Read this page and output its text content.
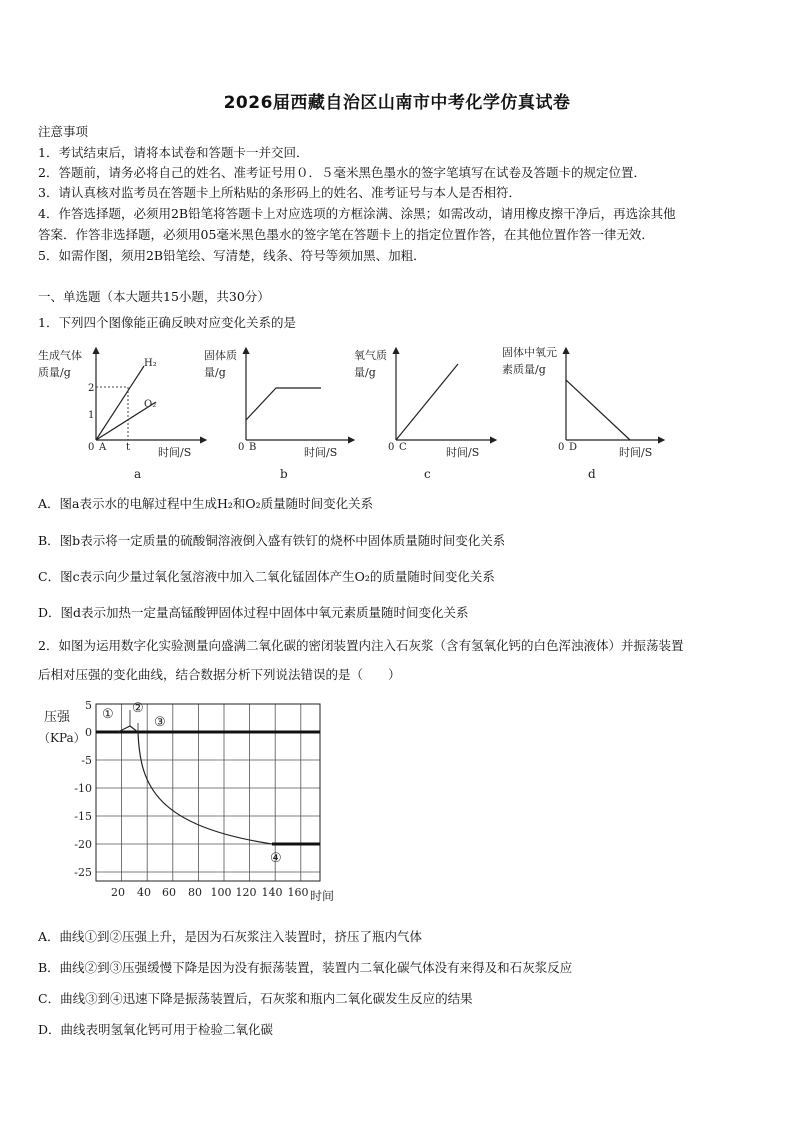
2026届西藏自治区山南市中考化学仿真试卷
注意事项
1．考试结束后，请将本试卷和答题卡一并交回．
2．答题前，请务必将自己的姓名、准考证号用０．５毫米黑色墨水的签字笔填写在试卷及答题卡的规定位置．
3．请认真核对监考员在答题卡上所粘贴的条形码上的姓名、准考证号与本人是否相符．
4．作答选择题，必须用2B铅笔将答题卡上对应选项的方框涂满、涂黑；如需改动，请用橡皮擦干净后，再选涂其他
答案．作答非选择题，必须用05毫米黑色墨水的签字笔在答题卡上的指定位置作答，在其他位置作答一律无效．
5．如需作图，须用2B铅笔绘、写清楚，线条、符号等须加黑、加粗．
一、单选题（本大题共15小题，共30分）
1．下列四个图像能正确反映对应变化关系的是
生成气体
质量/g
2
1
0 A t
H₂
O₂
时间/S
a
固体质
量/g
0 B	时间/S
b
氧气质
量/g
0 C	时间/S
c
固体中氧元
素质量/g
0 D	时间/S
d
A．图a表示水的电解过程中生成H₂和O₂质量随时间变化关系
B．图b表示将一定质量的硫酸铜溶液倒入盛有铁钉的烧杯中固体质量随时间变化关系
C．图c表示向少量过氧化氢溶液中加入二氧化锰固体产生O₂的质量随时间变化关系
D．图d表示加热一定量高锰酸钾固体过程中固体中氧元素质量随时间变化关系
2．如图为运用数字化实验测量向盛满二氧化碳的密闭装置内注入石灰浆（含有氢氧化钙的白色浑浊液体）并振荡装置
后相对压强的变化曲线，结合数据分析下列说法错误的是（　　）
压强
（KPa）
5
0
-5
-10
-15
-20
-25
20 40 60 80 100 120 140 160 时间
① ②
③
④
A．曲线①到②压强上升，是因为石灰浆注入装置时，挤压了瓶内气体
B．曲线②到③压强缓慢下降是因为没有振荡装置，装置内二氧化碳气体没有来得及和石灰浆反应
C．曲线③到④迅速下降是振荡装置后，石灰浆和瓶内二氧化碳发生反应的结果
D．曲线表明氢氧化钙可用于检验二氧化碳
